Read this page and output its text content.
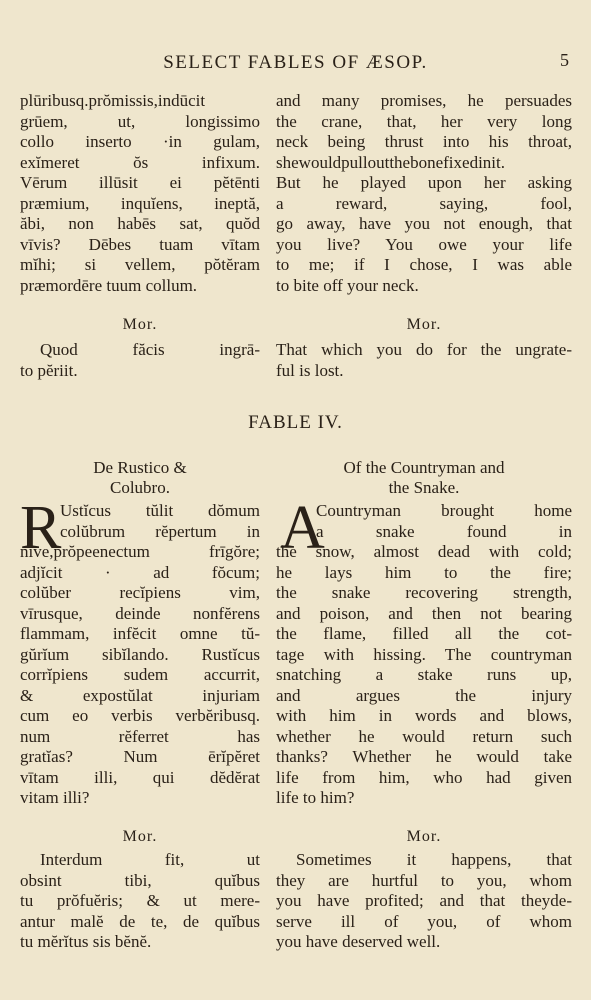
SELECT FABLES OF ÆSOP.	5

plūribusq.prŏmissis,indūcit

grūem, ut, longissimo

collo inserto ·in gulam,

exĭmeret ŏs infixum.

Vērum illūsit ei pĕtēnti

præmium, inquĭens, ineptă,

ăbi, non habēs sat, quŏd

vīvis? Dēbes tuam vītam

mĭhi; si vellem, pŏtĕram

præmordēre tuum collum.

and many promises, he persuades

the crane, that, her very long

neck being thrust into his throat,

shewouldpulloutthebonefixedinit.

But he played upon her asking

a reward, saying, fool,

go away, have you not enough, that

you live? You owe your life

to me; if I chose, I was able

to bite off your neck.

Mor.	Mor.

Quod făcis ingrā-

to pĕriit.

That which you do for the ungrate-

ful is lost.

FABLE IV.
De Rustico &
Colubro.
Of the Countryman and
the Snake.
R	A

Ustĭcus tŭlit dŏmum

colŭbrum rĕpertum in

nĭve,prŏpeenectum frīgŏre;

adjĭcit · ad fŏcum;

colŭber recĭpiens vim,

vīrusque, deinde nonfĕrens

flammam, infĕcit omne tŭ-

gŭrĭum sibĭlando. Rustĭcus

corrĭpiens sudem accurrit,

& expostŭlat injuriam

cum eo verbis verbĕribusq.

num rĕferret has

gratĭas? Num ērĭpĕret

vītam illi, qui dĕdĕrat

vitam illi?

Countryman brought home

a snake found in

the snow, almost dead with cold;

he lays him to the fire;

the snake recovering strength,

and poison, and then not bearing

the flame, filled all the cot-

tage with hissing. The countryman

snatching a stake runs up,

and argues the injury

with him in words and blows,

whether he would return such

thanks? Whether he would take

life from him, who had given

life to him?

Mor.	Mor.

Interdum fit, ut

obsint tibi, quĭbus

tu prŏfuĕris; & ut mere-

antur malĕ de te, de quĭbus

tu mĕrĭtus sis bĕnĕ.

Sometimes it happens, that

they are hurtful to you, whom

you have profited; and that theyde-

serve ill of you, of whom

you have deserved well.
